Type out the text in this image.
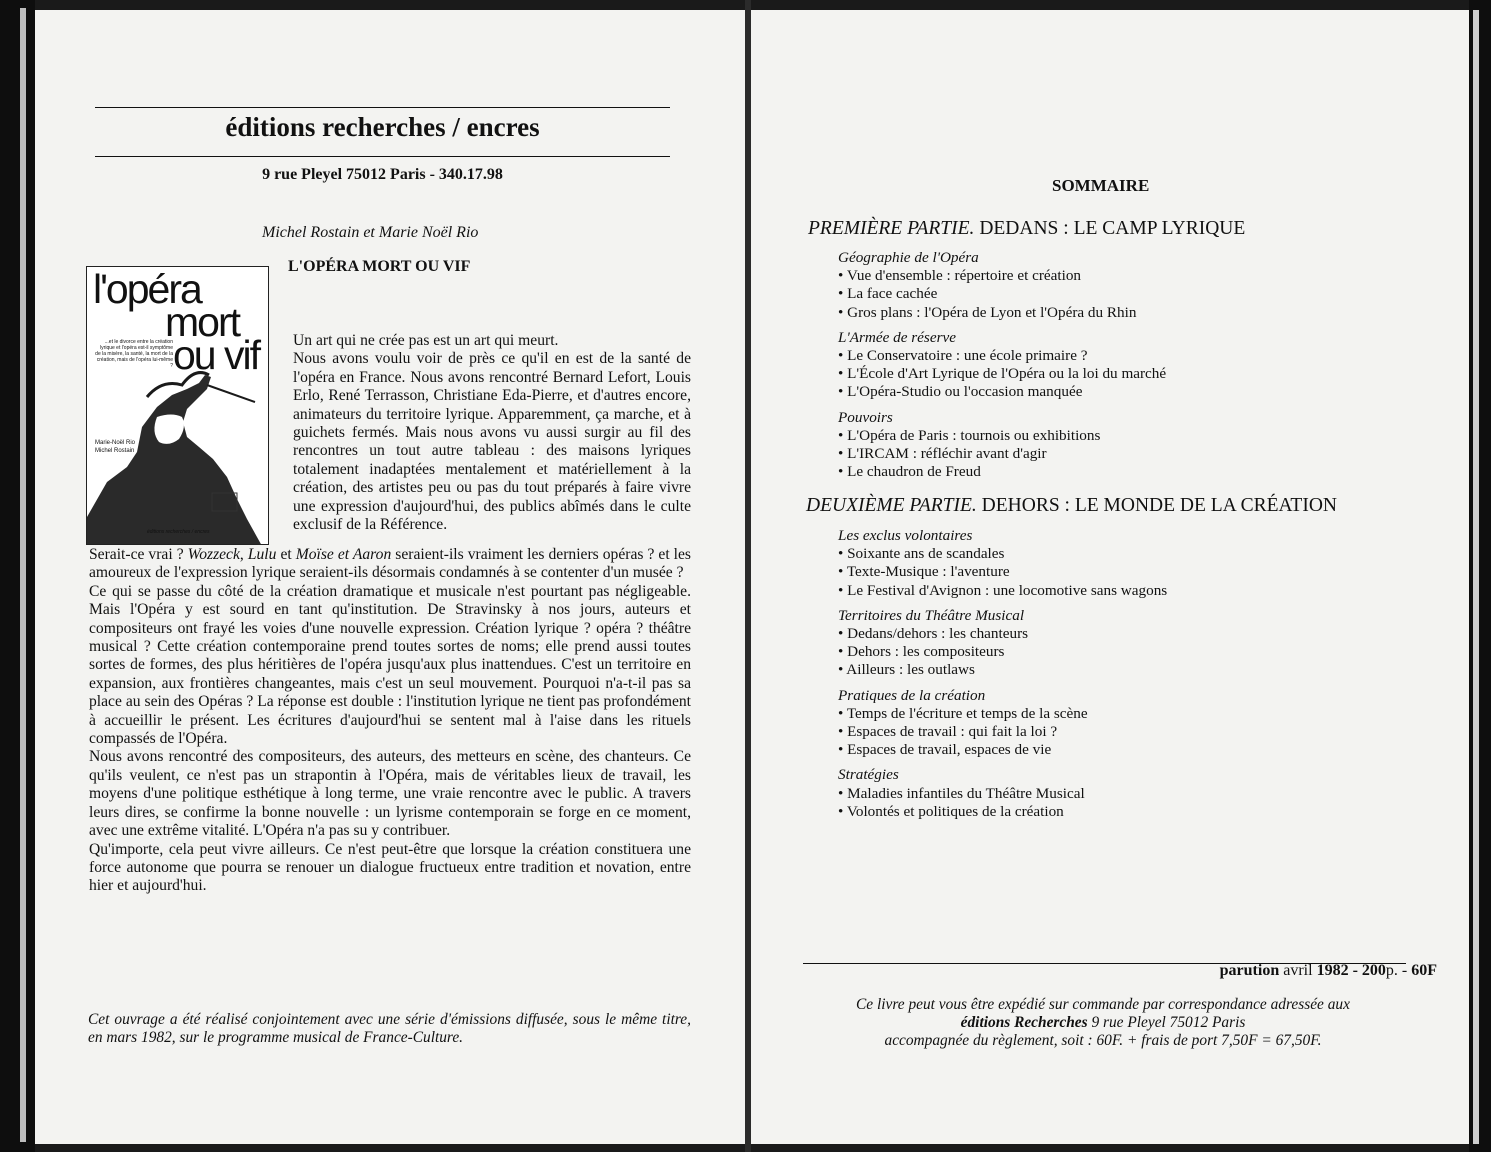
éditions recherches / encres
9 rue Pleyel 75012 Paris - 340.17.98
Michel Rostain et Marie Noël Rio
L'OPÉRA MORT OU VIF
l'opéra
mort
ou vif
...et le divorce entre la création lyrique et l'opéra est-il symptôme de la misère, la santé, la mort de la création, mais de l'opéra lui-même ?
Marie-Noël Rio
Michel Rostain
éditions recherches / encres

Un art qui ne crée pas est un art qui meurt.

Nous avons voulu voir de près ce qu'il en est de la santé de l'opéra en France. Nous avons rencontré Bernard Lefort, Louis Erlo, René Terrasson, Christiane Eda-Pierre, et d'autres encore, animateurs du territoire lyrique. Apparemment, ça marche, et à guichets fermés. Mais nous avons vu aussi surgir au fil des rencontres un tout autre tableau : des maisons lyriques totalement inadaptées mentalement et matériellement à la création, des artistes peu ou pas du tout préparés à faire vivre une expression d'aujourd'hui, des publics abîmés dans le culte exclusif de la Référence.

Serait-ce vrai ? Wozzeck, Lulu et Moïse et Aaron seraient-ils vraiment les derniers opéras ? et les amoureux de l'expression lyrique seraient-ils désormais condamnés à se contenter d'un musée ?

Ce qui se passe du côté de la création dramatique et musicale n'est pourtant pas négligeable. Mais l'Opéra y est sourd en tant qu'institution. De Stravinsky à nos jours, auteurs et compositeurs ont frayé les voies d'une nouvelle expression. Création lyrique ? opéra ? théâtre musical ? Cette création contemporaine prend toutes sortes de noms; elle prend aussi toutes sortes de formes, des plus héritières de l'opéra jusqu'aux plus inattendues. C'est un territoire en expansion, aux frontières changeantes, mais c'est un seul mouvement. Pourquoi n'a-t-il pas sa place au sein des Opéras ? La réponse est double : l'institution lyrique ne tient pas profondément à accueillir le présent. Les écritures d'aujourd'hui se sentent mal à l'aise dans les rituels compassés de l'Opéra.

Nous avons rencontré des compositeurs, des auteurs, des metteurs en scène, des chanteurs. Ce qu'ils veulent, ce n'est pas un strapontin à l'Opéra, mais de véritables lieux de travail, les moyens d'une politique esthétique à long terme, une vraie rencontre avec le public. A travers leurs dires, se confirme la bonne nouvelle : un lyrisme contemporain se forge en ce moment, avec une extrême vitalité. L'Opéra n'a pas su y contribuer.

Qu'importe, cela peut vivre ailleurs. Ce n'est peut-être que lorsque la création constituera une force autonome que pourra se renouer un dialogue fructueux entre tradition et novation, entre hier et aujourd'hui.

parution avril 1982 - 200p. - 60F
Cet ouvrage a été réalisé conjointement avec une série d'émissions diffusée, sous le même titre, en mars 1982, sur le programme musical de France-Culture.
SOMMAIRE
PREMIÈRE PARTIE. DEDANS : LE CAMP LYRIQUE

Géographie de l'Opéra

• Vue d'ensemble : répertoire et création

• La face cachée

• Gros plans : l'Opéra de Lyon et l'Opéra du Rhin

L'Armée de réserve

• Le Conservatoire : une école primaire ?

• L'École d'Art Lyrique de l'Opéra ou la loi du marché

• L'Opéra-Studio ou l'occasion manquée

Pouvoirs

• L'Opéra de Paris : tournois ou exhibitions

• L'IRCAM : réfléchir avant d'agir

• Le chaudron de Freud

DEUXIÈME PARTIE. DEHORS : LE MONDE DE LA CRÉATION

Les exclus volontaires

• Soixante ans de scandales

• Texte-Musique : l'aventure

• Le Festival d'Avignon : une locomotive sans wagons

Territoires du Théâtre Musical

• Dedans/dehors : les chanteurs

• Dehors : les compositeurs

• Ailleurs : les outlaws

Pratiques de la création

• Temps de l'écriture et temps de la scène

• Espaces de travail : qui fait la loi ?

• Espaces de travail, espaces de vie

Stratégies

• Maladies infantiles du Théâtre Musical

• Volontés et politiques de la création

Ce livre peut vous être expédié sur commande par correspondance adressée aux
éditions Recherches 9 rue Pleyel 75012 Paris
accompagnée du règlement, soit : 60F. + frais de port 7,50F = 67,50F.
